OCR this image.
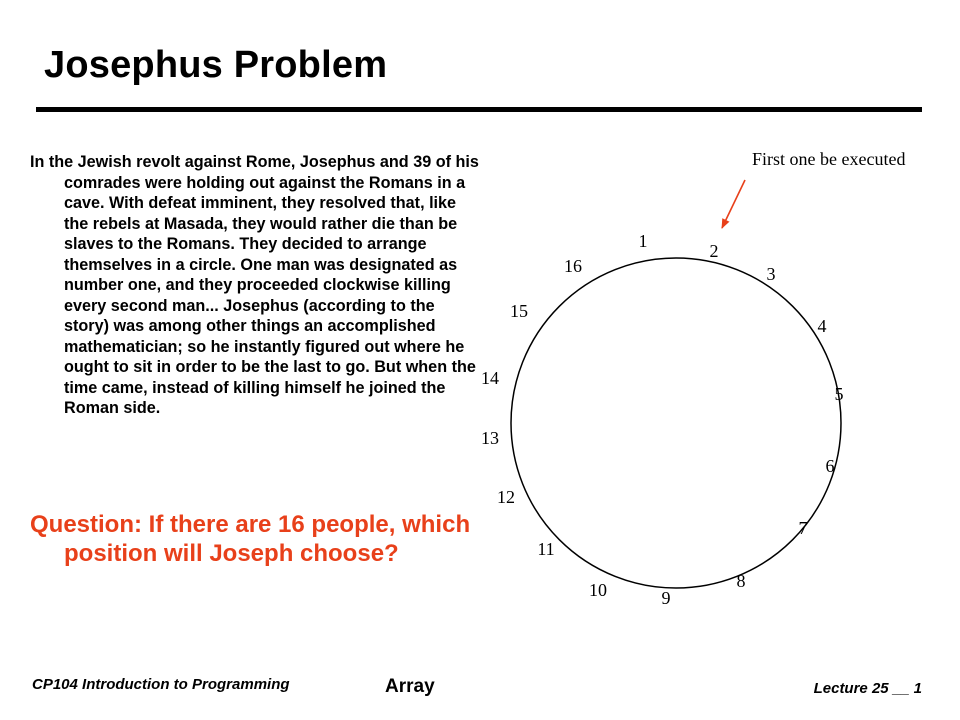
Josephus Problem

In the Jewish revolt against Rome, Josephus and 39 of his comrades were holding out against the Romans in a cave. With defeat imminent, they resolved that, like the rebels at Masada, they would rather die than be slaves to the Romans. They decided to arrange themselves in a circle. One man was designated as number one, and they proceeded clockwise killing every second man... Josephus (according to the story) was among other things an accomplished mathematician; so he instantly figured out where he ought to sit in order to be the last to go. But when the time came, instead of killing himself he joined the Roman side.

Question: If there are 16 people, which position will Joseph choose?

First one be executed
1	2
3
4
5
6
7
8
9
10
11
12
13
14
15
16
CP104 Introduction to Programming	Array	Lecture 25 __ 1
